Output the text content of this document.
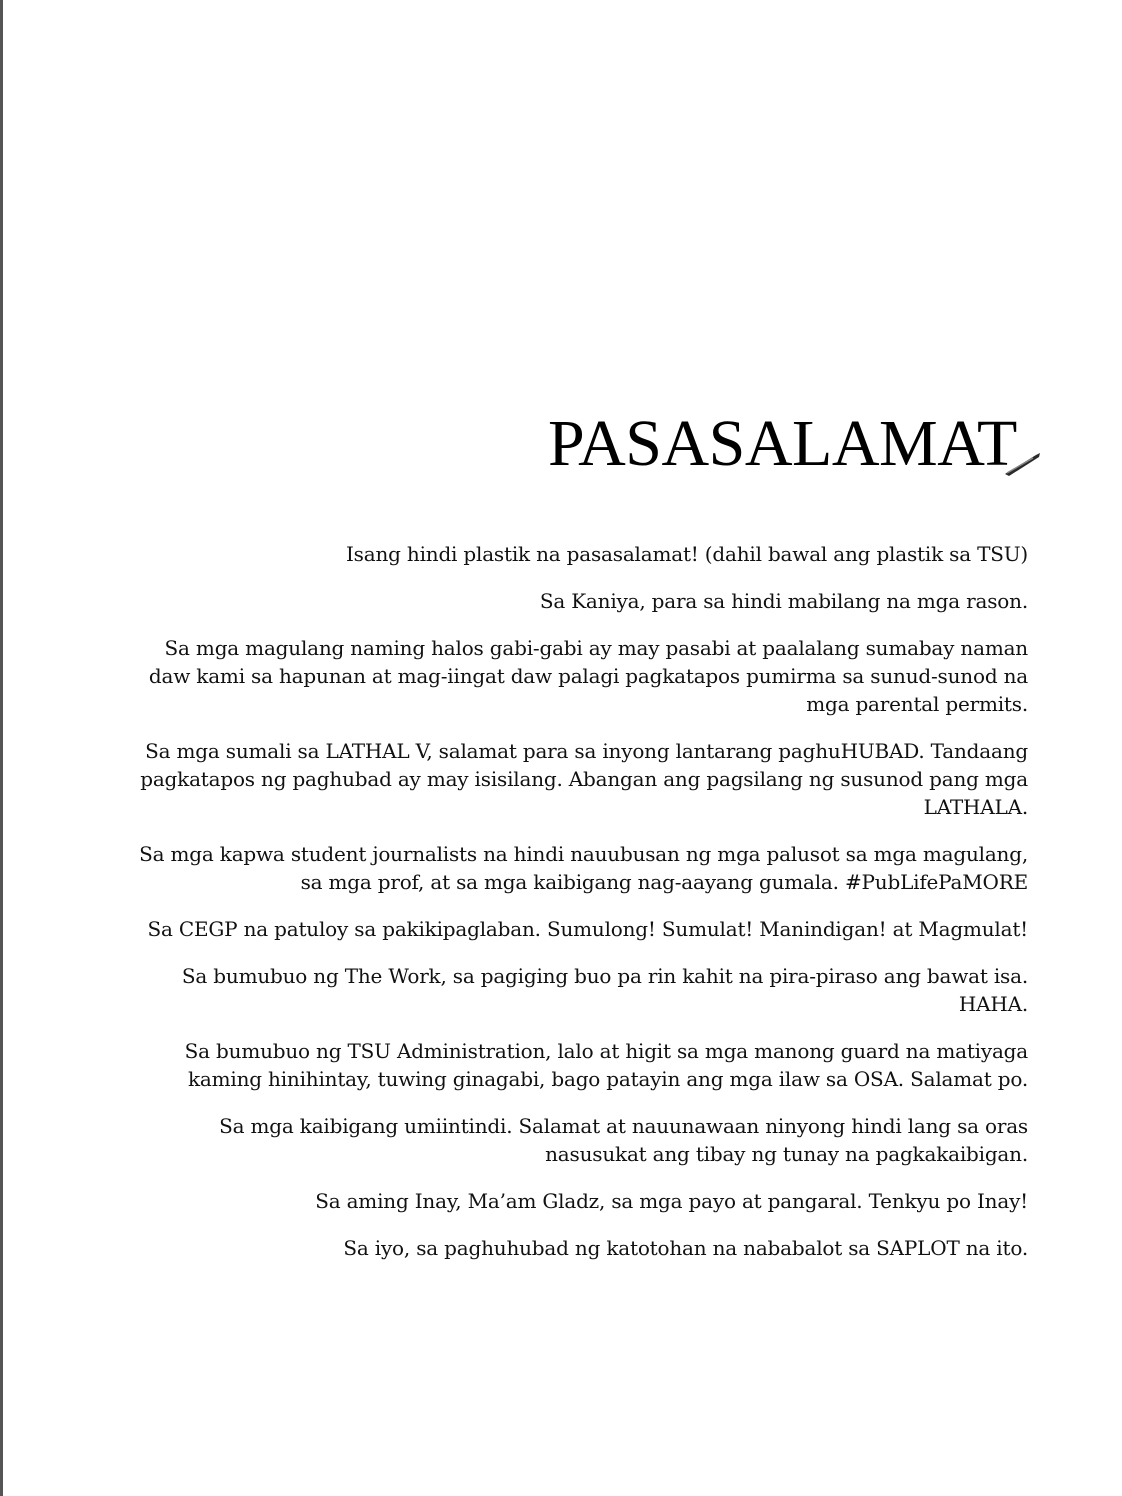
PASASALAMAT

Isang hindi plastik na pasasalamat! (dahil bawal ang plastik sa TSU)

Sa Kaniya, para sa hindi mabilang na mga rason.

Sa mga magulang naming halos gabi-gabi ay may pasabi at paalalang sumabay naman daw kami sa hapunan at mag-iingat daw palagi pagkatapos pumirma sa sunud-sunod na mga parental permits.

Sa mga sumali sa LATHAL V, salamat para sa inyong lantarang paghuHUBAD. Tandaang pagkatapos ng paghubad ay may isisilang. Abangan ang pagsilang ng susunod pang mga LATHALA.

Sa mga kapwa student journalists na hindi nauubusan ng mga palusot sa mga magulang, sa mga prof, at sa mga kaibigang nag-aayang gumala. #PubLifePaMORE

Sa CEGP na patuloy sa pakikipaglaban. Sumulong! Sumulat! Manindigan! at Magmulat!

Sa bumubuo ng The Work, sa pagiging buo pa rin kahit na pira-piraso ang bawat isa. HAHA.

Sa bumubuo ng TSU Administration, lalo at higit sa mga manong guard na matiyaga kaming hinihintay, tuwing ginagabi, bago patayin ang mga ilaw sa OSA. Salamat po.

Sa mga kaibigang umiintindi. Salamat at nauunawaan ninyong hindi lang sa oras nasusukat ang tibay ng tunay na pagkakaibigan.

Sa aming Inay, Ma’am Gladz, sa mga payo at pangaral. Tenkyu po Inay!

Sa iyo, sa paghuhubad ng katotohan na nababalot sa SAPLOT na ito.
